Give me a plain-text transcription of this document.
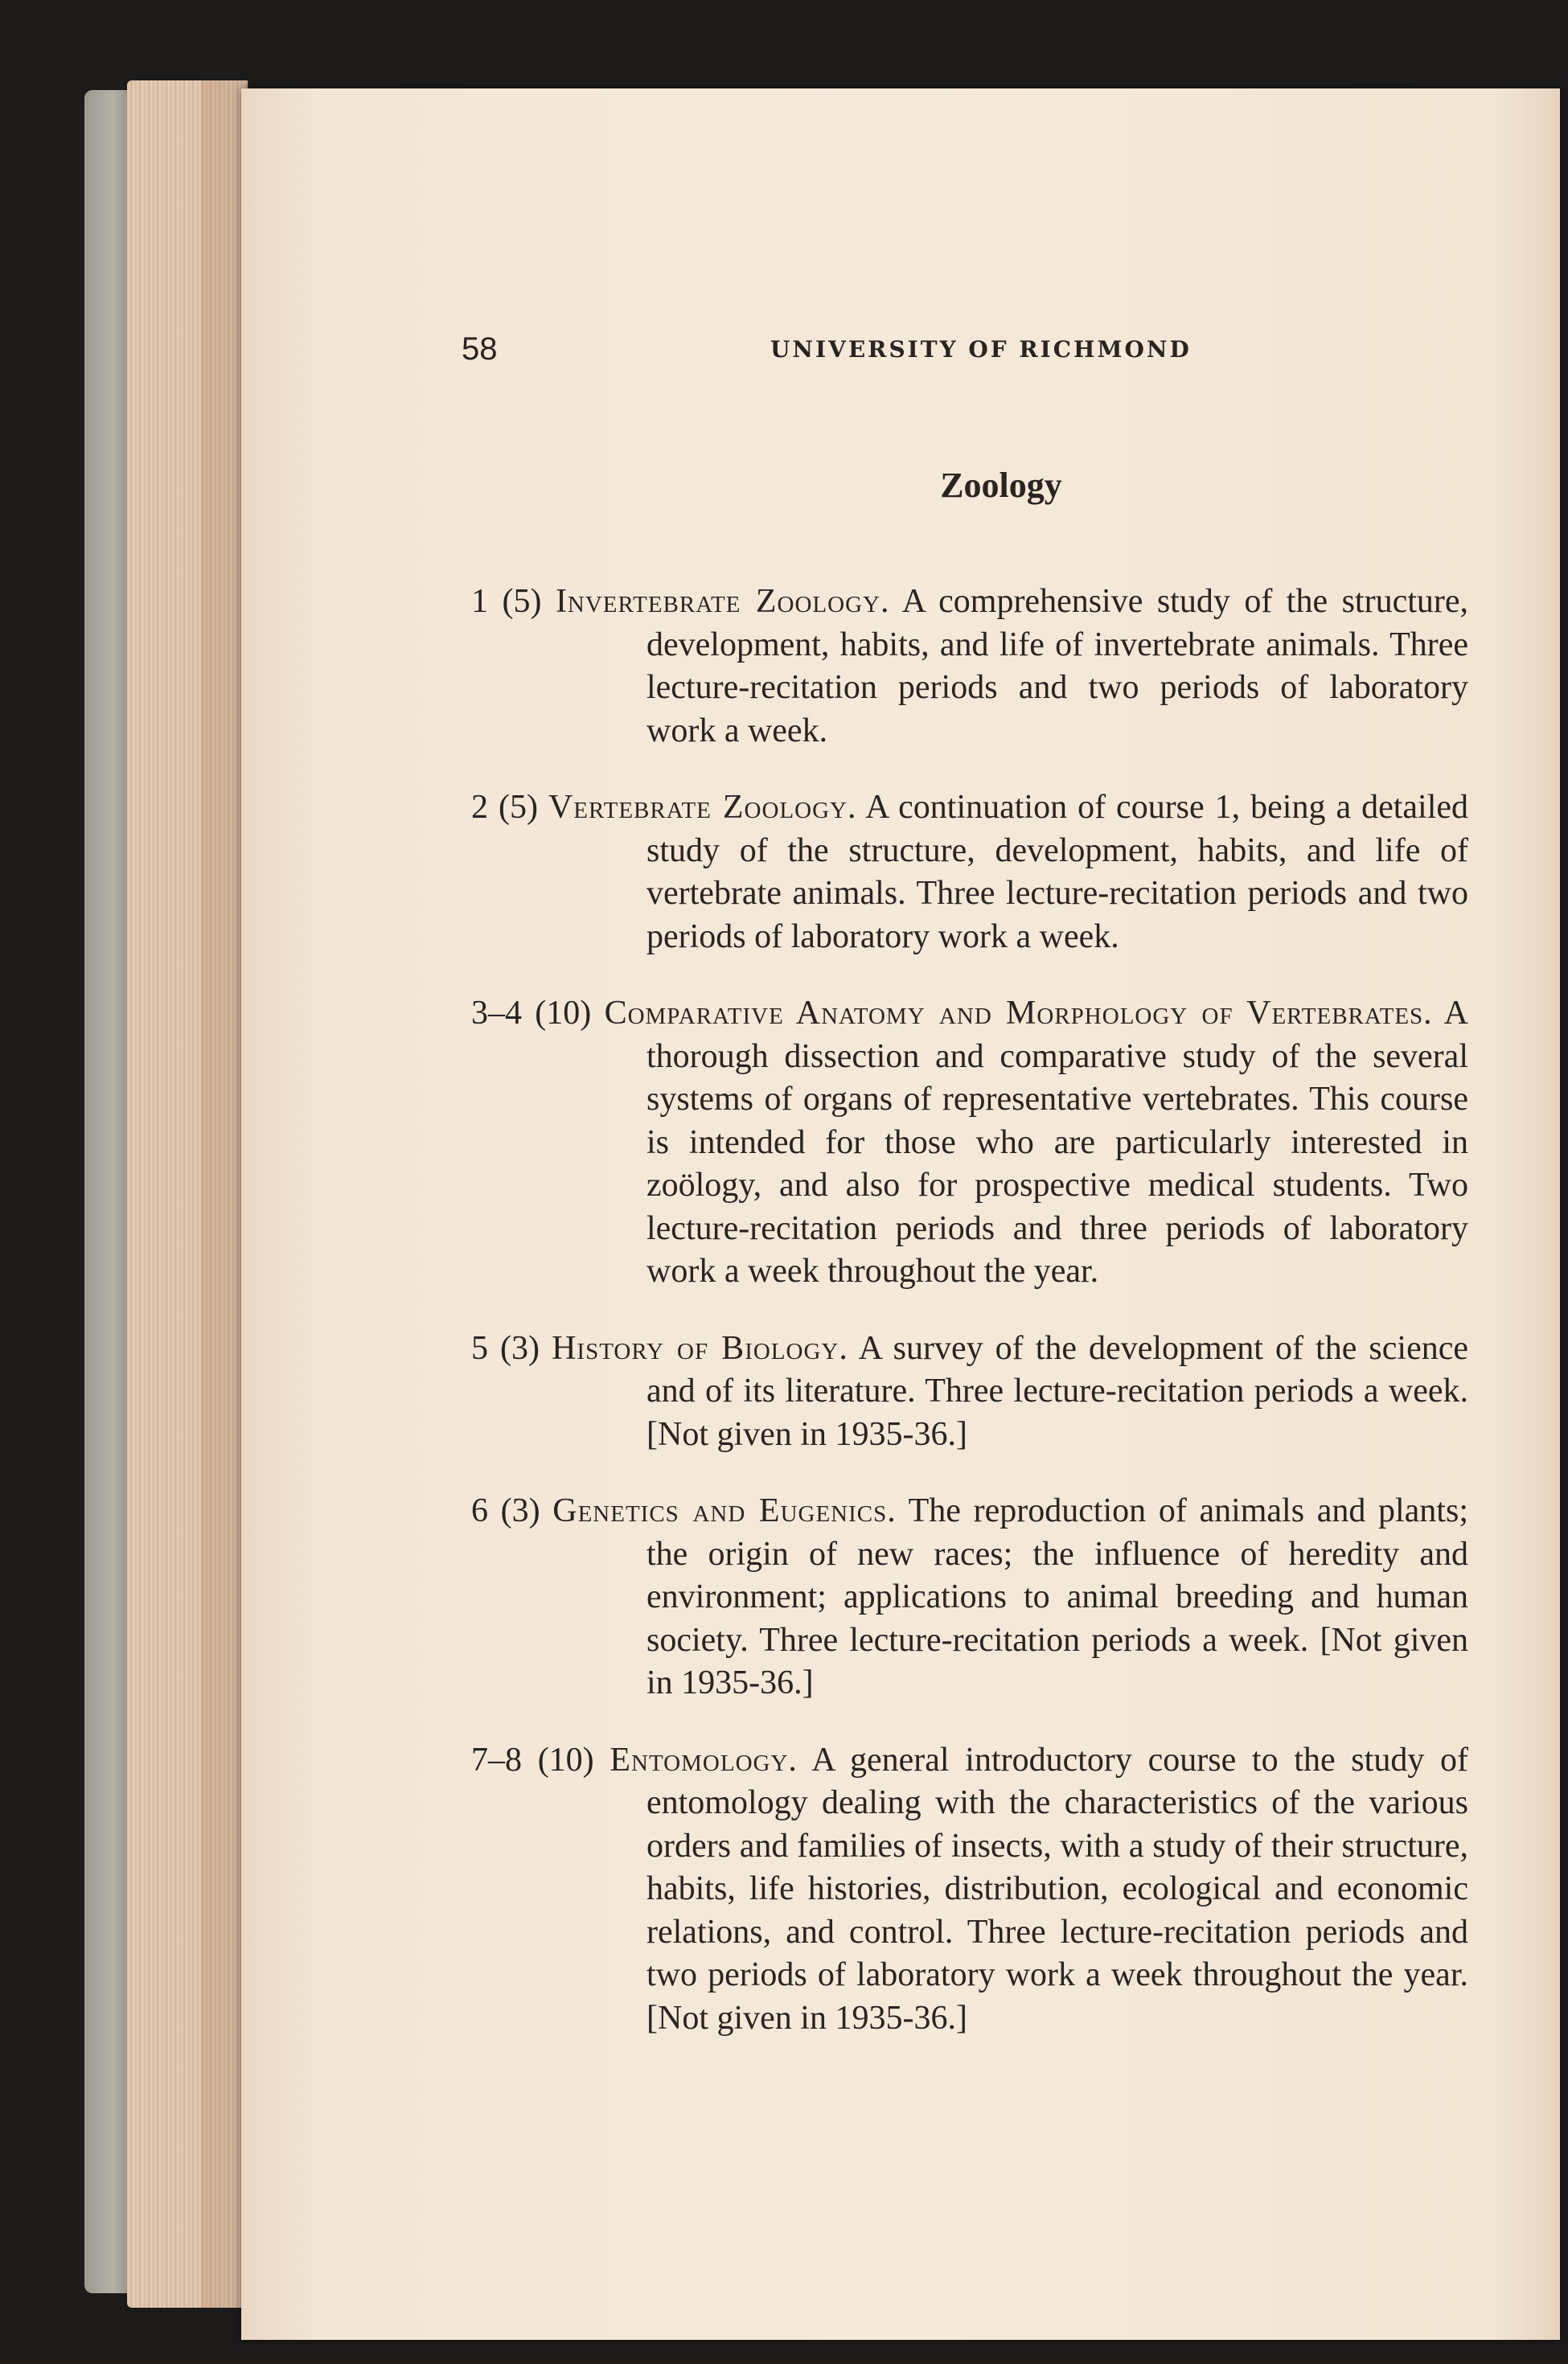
58	UNIVERSITY OF RICHMOND
Zoology

1 (5) Invertebrate Zoology. A comprehensive study of the structure, development, habits, and life of invertebrate animals. Three lecture-recitation periods and two periods of laboratory work a week.

2 (5) Vertebrate Zoology. A continuation of course 1, being a detailed study of the structure, development, habits, and life of vertebrate animals. Three lecture-recitation periods and two periods of laboratory work a week.

3–4 (10) Comparative Anatomy and Morphology of Vertebrates. A thorough dissection and comparative study of the several systems of organs of representative vertebrates. This course is intended for those who are particularly interested in zoölogy, and also for prospective medical students. Two lecture-recitation periods and three periods of laboratory work a week throughout the year.

5 (3) History of Biology. A survey of the development of the science and of its literature. Three lecture-recitation periods a week. [Not given in 1935-36.]

6 (3) Genetics and Eugenics. The reproduction of animals and plants; the origin of new races; the influence of heredity and environment; applications to animal breeding and human society. Three lecture-recitation periods a week. [Not given in 1935-36.]

7–8 (10) Entomology. A general introductory course to the study of entomology dealing with the characteristics of the various orders and families of insects, with a study of their structure, habits, life histories, distribution, ecological and economic relations, and control. Three lecture-recitation periods and two periods of laboratory work a week throughout the year. [Not given in 1935-36.]
